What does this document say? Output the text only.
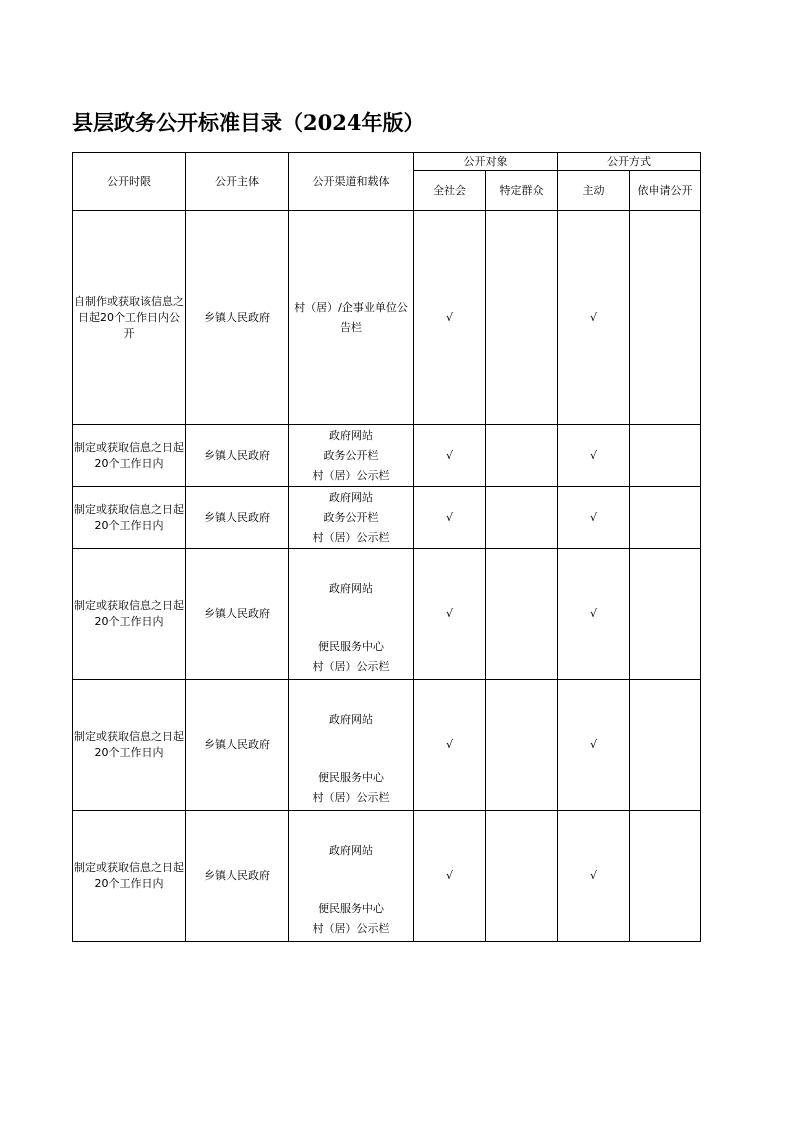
县层政务公开标准目录（2024年版）
公开时限	公开主体	公开渠道和载体	公开对象		公开方式	
			全社会	特定群众	主动	依申请公开
自制作或获取该信息之日起20个工作日内公开	乡镇人民政府	村（居）/企事业单位公告栏	√		√	
制定或获取信息之日起20个工作日内	乡镇人民政府	政府网站
政务公开栏
村（居）公示栏	√		√	
制定或获取信息之日起20个工作日内	乡镇人民政府	政府网站
政务公开栏
村（居）公示栏	√		√	
制定或获取信息之日起20个工作日内	乡镇人民政府	政府网站
便民服务中心
村（居）公示栏	√		√	
制定或获取信息之日起20个工作日内	乡镇人民政府	政府网站
便民服务中心
村（居）公示栏	√		√	
制定或获取信息之日起20个工作日内	乡镇人民政府	政府网站
便民服务中心
村（居）公示栏	√		√	
